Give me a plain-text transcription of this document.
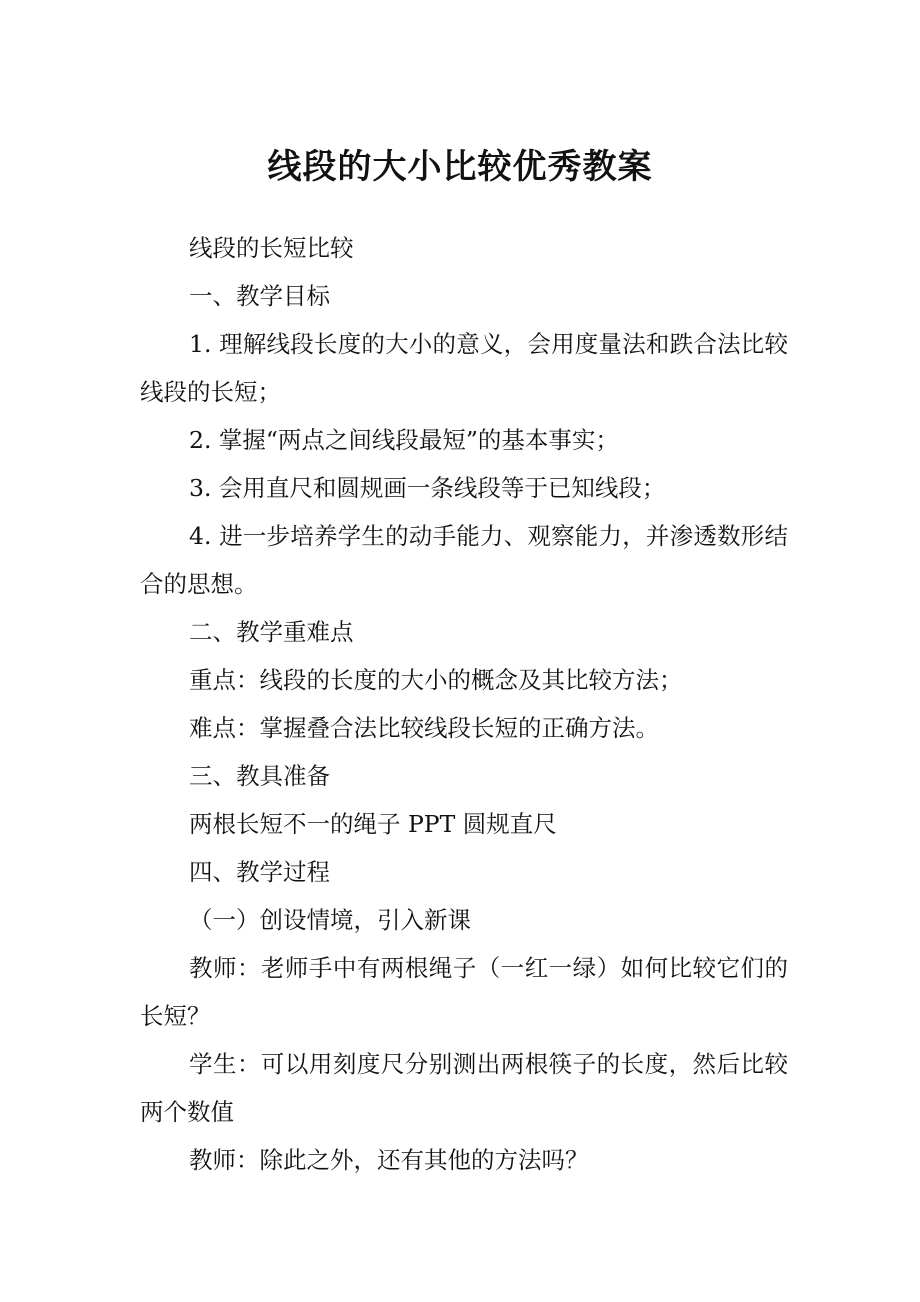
线段的大小比较优秀教案

线段的长短比较

一、教学目标

1. 理解线段长度的大小的意义，会用度量法和跌合法比较线段的长短；

2. 掌握“两点之间线段最短”的基本事实；

3. 会用直尺和圆规画一条线段等于已知线段；

4. 进一步培养学生的动手能力、观察能力，并渗透数形结合的思想。

二、教学重难点

重点：线段的长度的大小的概念及其比较方法；

难点：掌握叠合法比较线段长短的正确方法。

三、教具准备

两根长短不一的绳子 PPT 圆规直尺

四、教学过程

（一）创设情境，引入新课

教师：老师手中有两根绳子（一红一绿）如何比较它们的长短？

学生：可以用刻度尺分别测出两根筷子的长度，然后比较两个数值

教师：除此之外，还有其他的方法吗？
